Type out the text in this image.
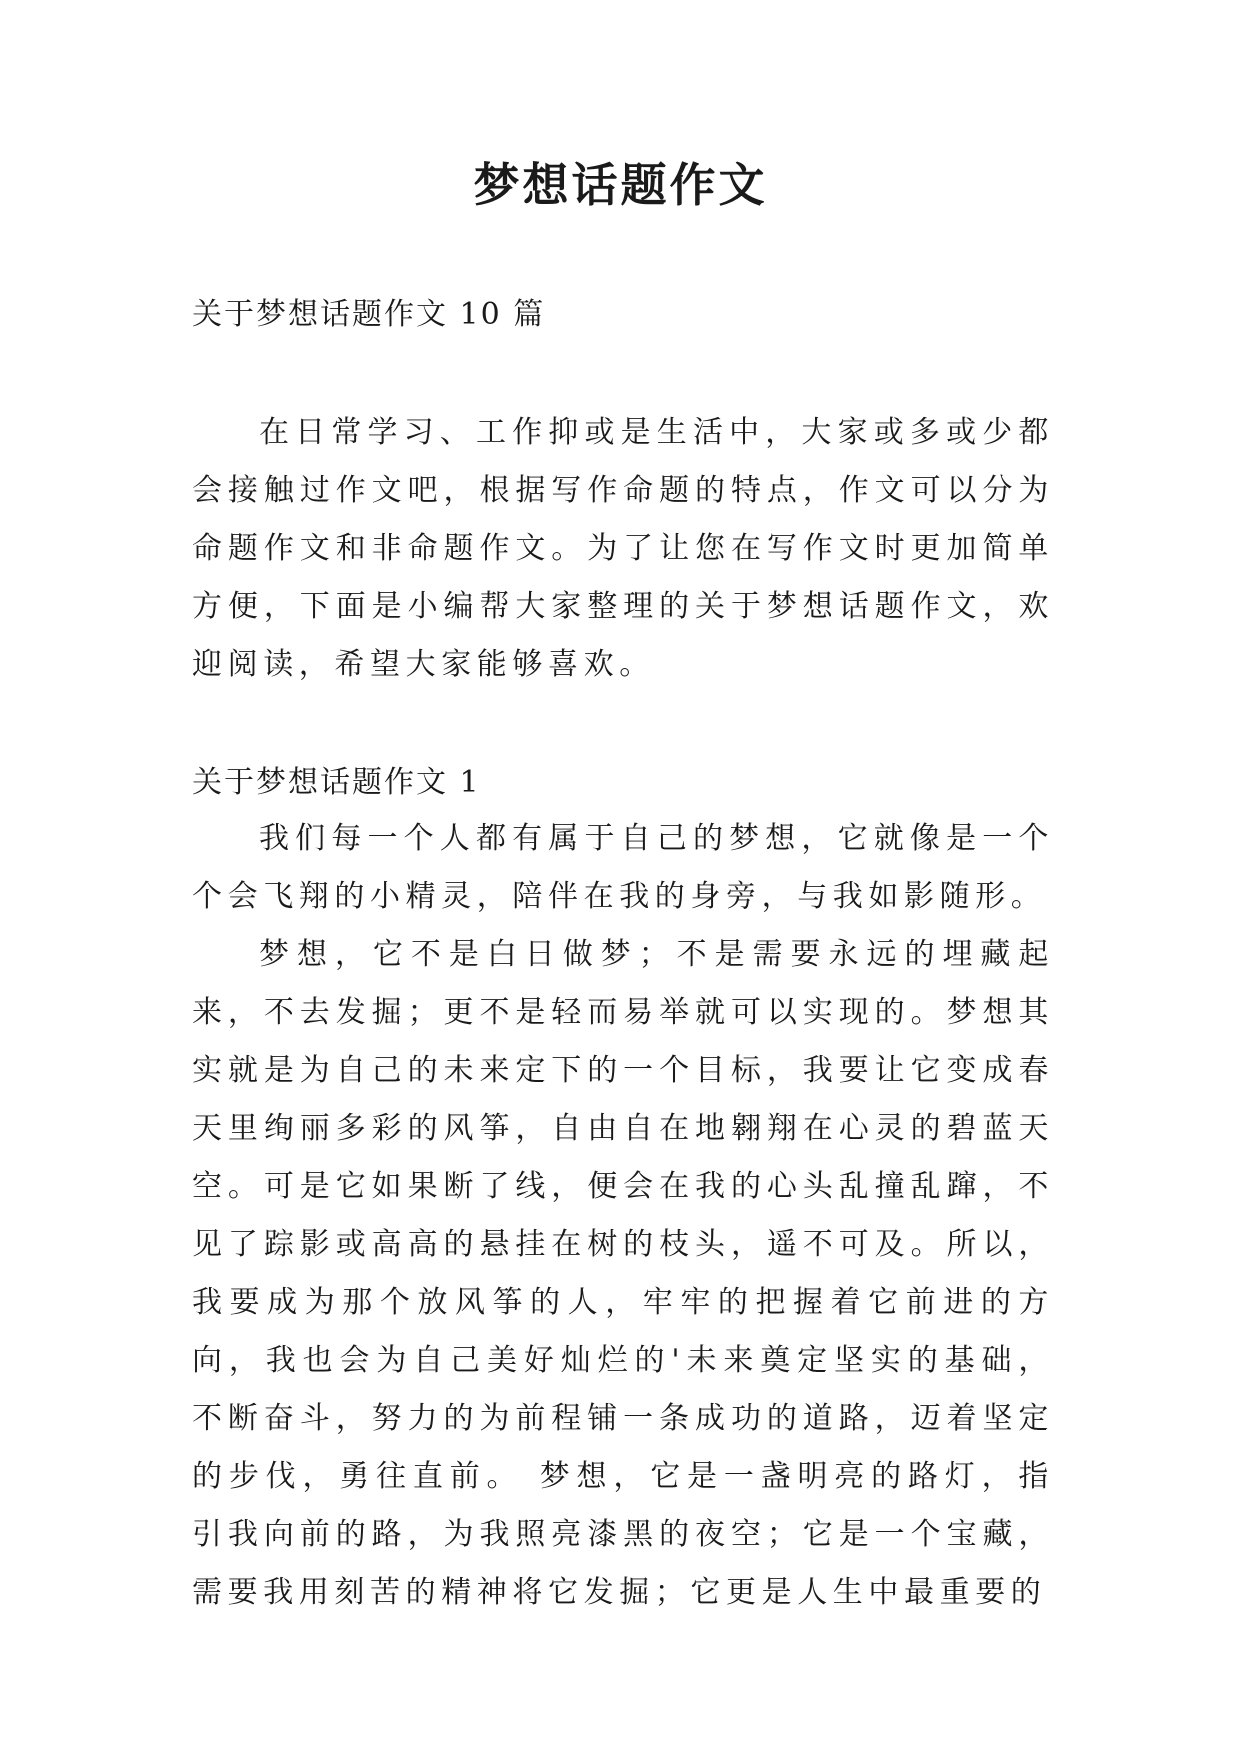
梦想话题作文

关于梦想话题作文 10 篇

在日常学习、工作抑或是生活中，大家或多或少都会接触过作文吧，根据写作命题的特点，作文可以分为命题作文和非命题作文。为了让您在写作文时更加简单方便，下面是小编帮大家整理的关于梦想话题作文，欢迎阅读，希望大家能够喜欢。

关于梦想话题作文 1

我们每一个人都有属于自己的梦想，它就像是一个个会飞翔的小精灵，陪伴在我的身旁，与我如影随形。

梦想，它不是白日做梦；不是需要永远的埋藏起来，不去发掘；更不是轻而易举就可以实现的。梦想其实就是为自己的未来定下的一个目标，我要让它变成春天里绚丽多彩的风筝，自由自在地翱翔在心灵的碧蓝天空。可是它如果断了线，便会在我的心头乱撞乱蹿，不见了踪影或高高的悬挂在树的枝头，遥不可及。所以，我要成为那个放风筝的人，牢牢的把握着它前进的方向，我也会为自己美好灿烂的'未来奠定坚实的基础，不断奋斗，努力的为前程铺一条成功的道路，迈着坚定的步伐，勇往直前。 梦想，它是一盏明亮的路灯，指引我向前的路，为我照亮漆黑的夜空；它是一个宝藏，需要我用刻苦的精神将它发掘；它更是人生中最重要的
